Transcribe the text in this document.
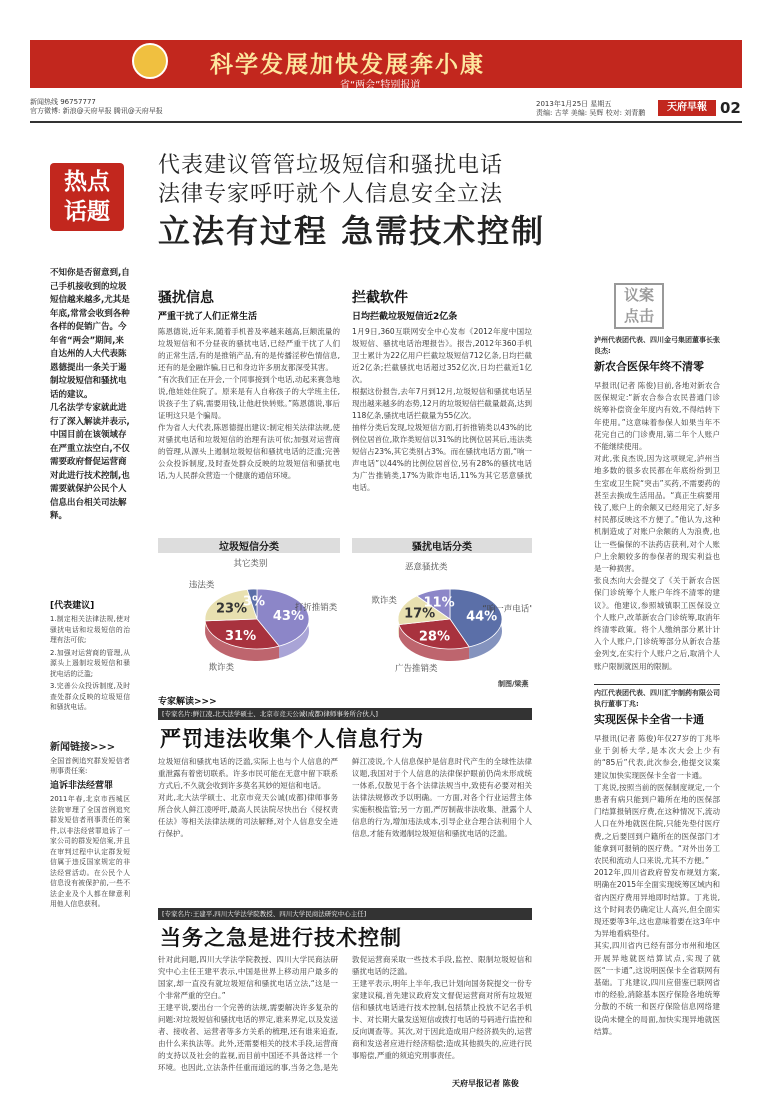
科学发展加快发展奔小康
省“两会”特别报道
新闻热线 96757777
官方微博: 新浪@天府早报 腾讯@天府早报
2013年1月25日 星期五
责编: 古苹 美编: 吴辉 校对: 刘青鹏	天府早報 02
热点
话题
代表建议管管垃圾短信和骚扰电话
法律专家呼吁就个人信息安全立法
立法有过程 急需技术控制
不知你是否留意到,自己手机接收到的垃圾短信越来越多,尤其是年底,常常会收到各种各样的促销广告。今年省“两会”期间,来自达州的人大代表陈恩德提出一条关于遏制垃圾短信和骚扰电话的建议。
几名法学专家就此进行了深入解读并表示,中国目前在该领域存在严重立法空白,不仅需要政府督促运营商对此进行技术控制,也需要就保护公民个人信息出台相关司法解释。
[代表建议]
1.制定相关法律法规,使对骚扰电话和垃圾短信的治理有法可依;
2.加强对运营商的管理,从源头上遏制垃圾短信和骚扰电话的泛滥;
3.完善公众投诉制度,及时查处群众反映的垃圾短信和骚扰电话。
新闻链接>>>
全国首例追究群发短信者刑事责任案:
追诉非法经营罪
2011年春,北京市西城区法院审理了全国首例追究群发短信者刑事责任的案件,以非法经营罪追诉了一家公司的群发短信案,并且在审判过程中认定群发短信属于违反国家规定的非法经营活动。在公民个人信息没有被保护前,一些不法企业及个人都在肆意利用他人信息获利。
骚扰信息
严重干扰了人们正常生活
陈恩德说,近年来,随着手机普及率越来越高,巨额流量的垃圾短信和不分昼夜的骚扰电话,已经严重干扰了人们的正常生活,有的是推销产品,有的是传播淫秽色情信息,还有的是金融诈骗,日已和身边许多朋友都深受其害。
“有次我们正在开会,一个同事接到个电话,动起来赛急地说,他娃娃住院了。原来是有人自称孩子的大学班主任,说孩子生了病,需要用钱,让他赶快转账。”陈恩德说,事后证明这只是个骗局。
作为省人大代表,陈恩德提出建议:制定相关法律法规,使对骚扰电话和垃圾短信的治理有法可依;加强对运营商的管理,从源头上遏制垃圾短信和骚扰电话的泛滥;完善公众投诉制度,及时查处群众反映的垃圾短信和骚扰电话,为人民群众营造一个健康的通信环境。
拦截软件
日均拦截垃圾短信近2亿条
1月9日,360互联网安全中心发布《2012年度中国垃圾短信、骚扰电话治理报告》。报告,2012年360手机卫士累计为22亿用户拦截垃圾短信712亿条,日均拦截近2亿条;拦截骚扰电话超过352亿次,日均拦截近1亿次。
根据这份报告,去年7月到12月,垃圾短信和骚扰电话呈现出越来越多的态势,12月的垃圾短信拦截量最高,达到118亿条,骚扰电话拦截量为55亿次。
抽样分类后发现,垃圾短信方面,打折推销类以43%的比例位居首位,欺诈类短信以31%的比例位居其后,违法类短信占23%,其它类别占3%。而在骚扰电话方面,“响一声电话”以44%的比例位居首位,另有28%的骚扰电话为广告推销类,17%为欺诈电话,11%为其它恶意骚扰电话。
垃圾短信分类
43%
打折推销类
31%
欺诈类
23%
违法类
3%
其它类别
骚扰电话分类
44%
“响一声电话”
28%
广告推销类
17%
欺诈类 11%
恶意骚扰类
制图/梁燕
专家解读>>>
[专家名片:鲜江凌,北大法学硕士、北京市竞天公诚(成都)律师事务所合伙人]
严罚违法收集个人信息行为
垃圾短信和骚扰电话的泛滥,实际上也与个人信息的严重泄露有着密切联系。许多市民可能在无意中留下联系方式后,不久就会收到许多莫名其妙的短信和电话。
对此,北大法学硕士、北京市竞天公诚(成都)律师事务所合伙人鲜江凌呼吁,最高人民法院尽快出台《侵权责任法》等相关法律法规的司法解释,对个人信息安全进行保护。
鲜江凌说,个人信息保护是信息时代产生的全球性法律议题,我国对于个人信息的法律保护眼前仍尚未形成统一体系,仅散见于各个法律法规当中,致使有必要对相关法律法规修改予以明确。一方面,对各个行业运营主体实施积极监管;另一方面,严厉制裁非法收集、泄露个人信息的行为,增加违法成本,引导企业合理合法利用个人信息,才能有效遏制垃圾短信和骚扰电话的泛滥。
[专家名片:王建平,四川大学法学院教授、四川大学民商法研究中心主任]
当务之急是进行技术控制
针对此问题,四川大学法学院教授、四川大学民商法研究中心主任王建平表示,中国是世界上移动用户最多的国家,却一直没有就垃圾短信和骚扰电话立法,“这是一个非常严重的空白。”
王建平说,要出台一个完善的法规,需要解决许多复杂的问题:对垃圾短信和骚扰电话的界定,谁来界定,以及发送者、接收者、运营者等多方关系的梳理,还有谁来追查,由什么来执法等。此外,还需要相关的技术手段,运营商的支持以及社会的监视,而目前中国还不具备这样一个环境。也因此,立法条件任重而道远的事,当务之急,是先敦促运营商采取一些技术手段,监控、限制垃圾短信和骚扰电话的泛滥。
王建平表示,明年上半年,我已计划向国务院提交一份专家建议稿,首先建议政府发文督促运营商对所有垃圾短信和骚扰电话进行技术控制,包括禁止投放不记名手机卡、对长期大量发送短信或拨打电话的号码进行监控和反向调查等。其次,对于因此造成用户经济损失的,运营商和发送者应进行经济赔偿;造成其他损失的,应进行民事赔偿,严重的须追究刑事责任。
天府早报记者 陈俊
议案
点击
泸州代表团代表、四川金弓集团董事长张良杰:
新农合医保年终不清零
早报讯(记者 陈俊)目前,各地对新农合医保规定:“新农合参合农民普通门诊统筹补偿资金年度内有效,不得结转下年使用。”这意味着参保人如果当年不花完自己的门诊费用,第二年个人账户不能继续使用。
对此,张良杰说,因为这项规定,泸州当地多数的很多农民都在年底纷纷到卫生室或卫生院“突击”买药,不需要药的甚至去换成生活用品。“真正生病要用钱了,账户上的余额又已经用完了,好多村民都反映这不方便了。”他认为,这种机制造成了对账户余额的人为浪费,也让一些偏保的不法药店获利,对个人账户上余额较多的参保者的现实利益也是一种损害。
张良杰向大会提交了《关于新农合医保门诊统筹个人账户年终不清零的建议》。他建议,参照城镇职工医保设立个人账户,改革新农合门诊统筹,取消年终清零政策。将个人缴纳部分累计计入个人账户,门诊统筹部分从新农合基金列支,在实行个人账户之后,取消个人账户限制就医用的限制。
内江代表团代表、四川汇宇制药有限公司执行董事丁兆:
实现医保卡全省一卡通
早报讯(记者 陈俊)年仅27岁的丁兆毕业于剑桥大学,是本次大会上少有的“85后”代表,此次参会,他提交议案建议加快实现医保卡全省一卡通。
丁兆说,按照当前的医保制度规定,一个患者有病只能到户籍所在地的医保部门结算报销医疗费,在这种情况下,流动人口在外地就医住院,只能先垫付医疗费,之后要回到户籍所在的医保部门才能拿到可报销的医疗费。“对外出务工农民和流动人口来说,尤其不方便。”
2012年,四川省政府曾发布规划方案,明确在2015年全面实现统筹区域内和省内医疗费用异地即时结算。丁兆说,这个时间表仍确定让人高兴,但全面实现还要等3年,这也意味着要在这3年中为异地看病垫付。
其实,四川省内已经有部分市州和地区开展异地就医结算试点,实现了就医“一卡通”,这说明医保卡全省联网有基础。丁兆建议,四川应借鉴已联网省市的经验,消除基本医疗保险各地统筹分散的不统一和医疗保险信息网络建设尚未健全的局面,加快实现异地就医结算。
